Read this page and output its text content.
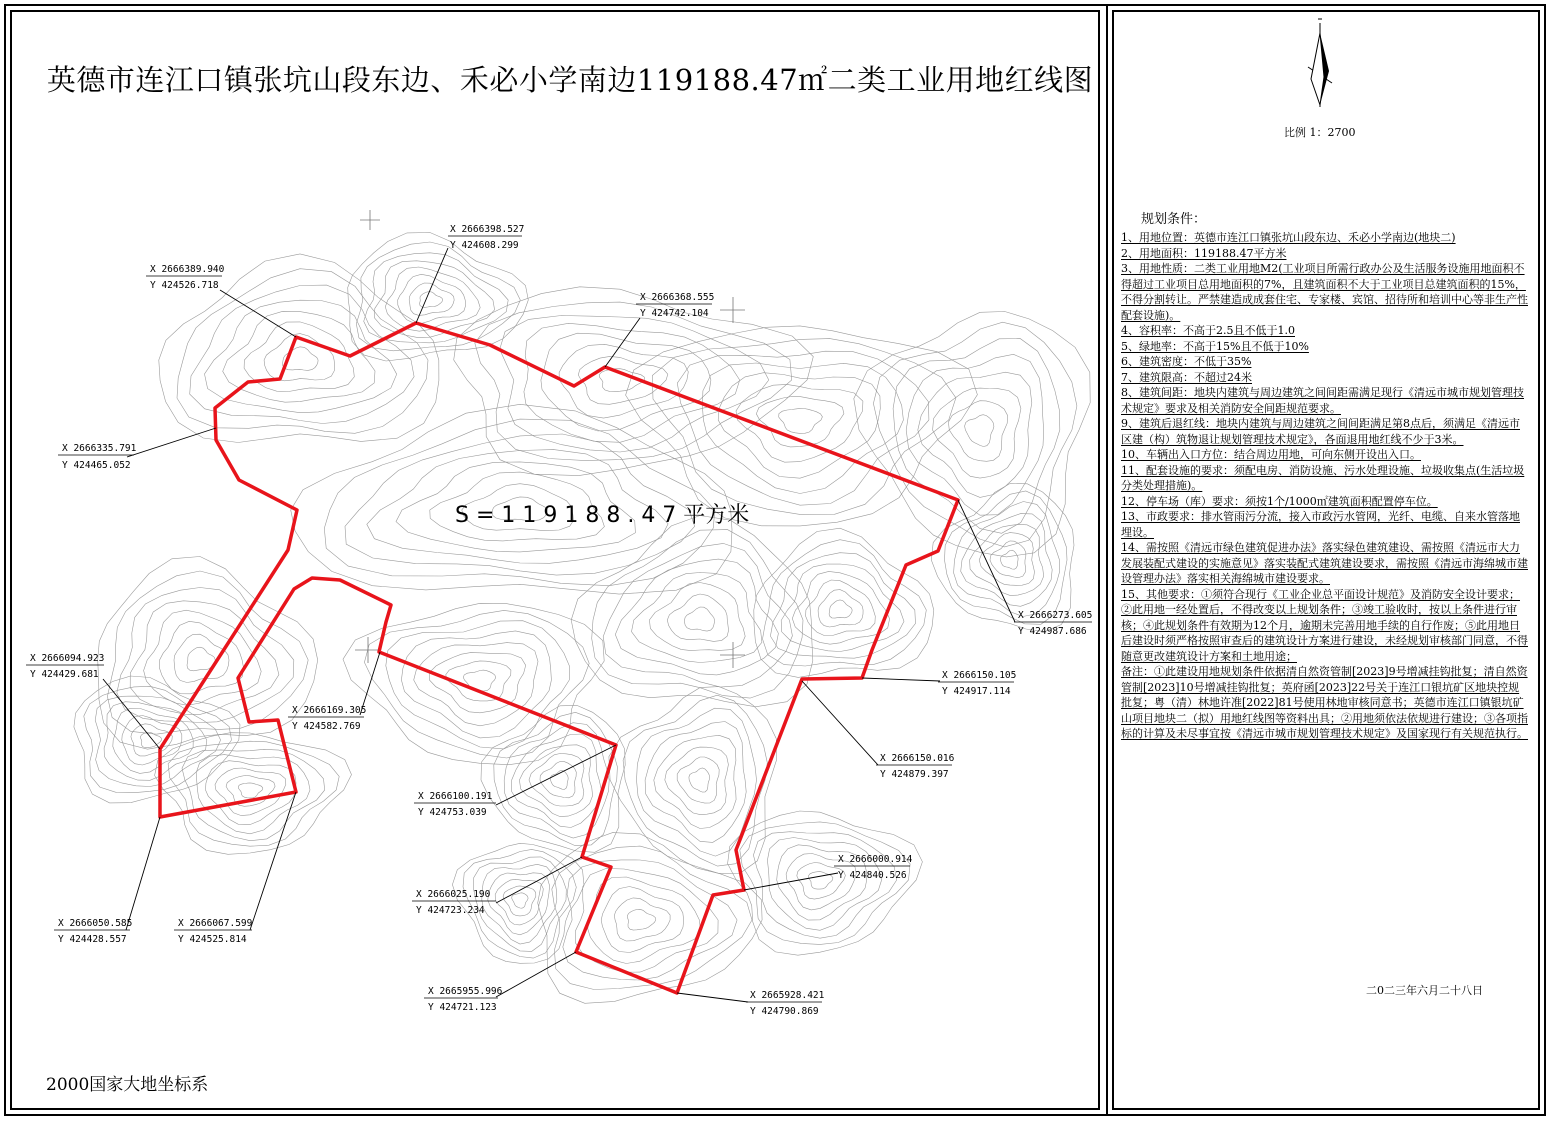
X 2666398.527
Y 424608.299
X 2666389.940
Y 424526.718
X 2666368.555
Y 424742.104
X 2666335.791
Y 424465.052
X 2666273.605
Y 424987.686
X 2666094.923
Y 424429.681
X 2666169.305
Y 424582.769
X 2666150.105
Y 424917.114
X 2666150.016
Y 424879.397
X 2666100.191
Y 424753.039
X 2666000.914
Y 424840.526
X 2666025.190
Y 424723.234
X 2666050.585
Y 424428.557
X 2666067.599
Y 424525.814
X 2665955.996
Y 424721.123
X 2665928.421
Y 424790.869
S = 1 1 9 1 8 8 . 4 7 平方米
英德市连江口镇张坑山段东边、禾必小学南边119188.47㎡二类工业用地红线图
2000国家大地坐标系
比例 1：2700
规划条件：

1、用地位置：英德市连江口镇张坑山段东边、禾必小学南边(地块二)

2、用地面积：119188.47平方米

3、用地性质：二类工业用地M2(工业项目所需行政办公及生活服务设施用地面积不得超过工业项目总用地面积的7%，且建筑面积不大于工业项目总建筑面积的15%，不得分割转让。严禁建造成成套住宅、专家楼、宾馆、招待所和培训中心等非生产性配套设施)。

4、容积率：不高于2.5且不低于1.0

5、绿地率：不高于15%且不低于10%

6、建筑密度：不低于35%

7、建筑限高：不超过24米

8、建筑间距：地块内建筑与周边建筑之间间距需满足现行《清远市城市规划管理技术规定》要求及相关消防安全间距规范要求。

9、建筑后退红线：地块内建筑与周边建筑之间间距满足第8点后，须满足《清远市区建（构）筑物退让规划管理技术规定》，各面退用地红线不少于3米。

10、车辆出入口方位：结合周边用地，可向东侧开设出入口。

11、配套设施的要求：须配电房、消防设施、污水处理设施、垃圾收集点(生活垃圾分类处理措施)。

12、停车场（库）要求：须按1个/1000㎡建筑面积配置停车位。

13、市政要求：排水管雨污分流，接入市政污水管网，光纤、电缆、自来水管落地埋设。

14、需按照《清远市绿色建筑促进办法》落实绿色建筑建设、需按照《清远市大力发展装配式建设的实施意见》落实装配式建筑建设要求，需按照《清远市海绵城市建设管理办法》落实相关海绵城市建设要求。

15、其他要求：①须符合现行《工业企业总平面设计规范》及消防安全设计要求；②此用地一经处置后，不得改变以上规划条件；③竣工验收时，按以上条件进行审核；④此规划条件有效期为12个月，逾期未完善用地手续的自行作废；⑤此用地日后建设时须严格按照审查后的建筑设计方案进行建设，未经规划审核部门同意，不得随意更改建筑设计方案和土地用途；

备注：①此建设用地规划条件依据清自然资管制[2023]9号增减挂钩批复；清自然资管制[2023]10号增减挂钩批复；英府函[2023]22号关于连江口银坑矿区地块控规批复；粤（清）林地许准[2022]81号使用林地审核同意书；英德市连江口镇银坑矿山项目地块二（拟）用地红线图等资料出具；②用地须依法依规进行建设；③各项指标的计算及未尽事宜按《清远市城市规划管理技术规定》及国家现行有关规范执行。

二0二三年六月二十八日
